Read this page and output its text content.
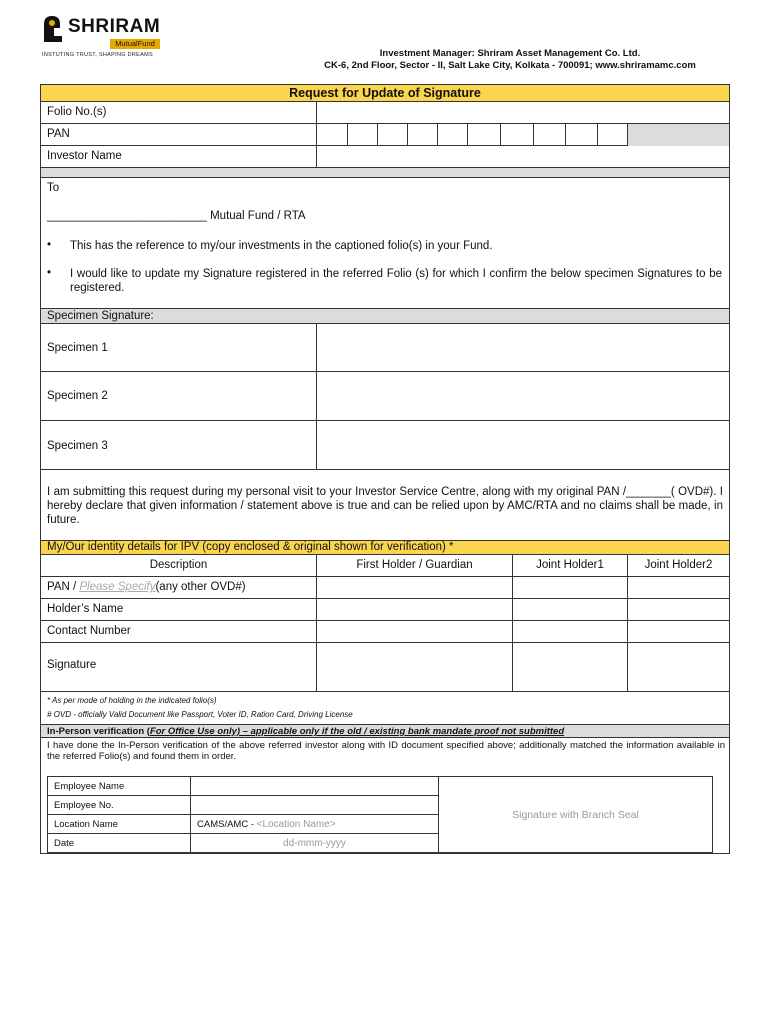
SHRIRAM
MutualFund
INSTUTING TRUST, SHAPING DREAMS	Investment Manager: Shriram Asset Management Co. Ltd.
CK-6, 2nd Floor, Sector - II, Salt Lake City, Kolkata - 700091; www.shriramamc.com
Request for Update of Signature
Folio No.(s)
PAN
Investor Name
To
_________________________ Mutual Fund / RTA
• This has the reference to my/our investments in the captioned folio(s) in your Fund.
• I would like to update my Signature registered in the referred Folio (s) for which I confirm the below specimen Signatures to be registered.
Specimen Signature:
Specimen 1
Specimen 2
Specimen 3
I am submitting this request during my personal visit to your Investor Service Centre, along with my original PAN /_______( OVD#). I hereby declare that given information / statement above is true and can be relied upon by AMC/RTA and no claims shall be made, in future.
My/Our identity details for IPV (copy enclosed & original shown for verification) *
Description	First Holder / Guardian	Joint Holder1	Joint Holder2
PAN / Please Specify(any other OVD#)
Holder’s Name
Contact Number
Signature
* As per mode of holding in the indicated folio(s)
# OVD - officially Valid Document like Passport, Voter ID, Ration Card, Driving License
In-Person verification (For Office Use only) – applicable only if the old / existing bank mandate proof not submitted
I have done the In-Person verification of the above referred investor along with ID document specified above; additionally matched the information available in the referred Folio(s) and found them in order.
Employee Name		Signature with Branch Seal
Employee No.		
Location Name	CAMS/AMC - <Location Name>	
Date	dd-mmm-yyyy	
